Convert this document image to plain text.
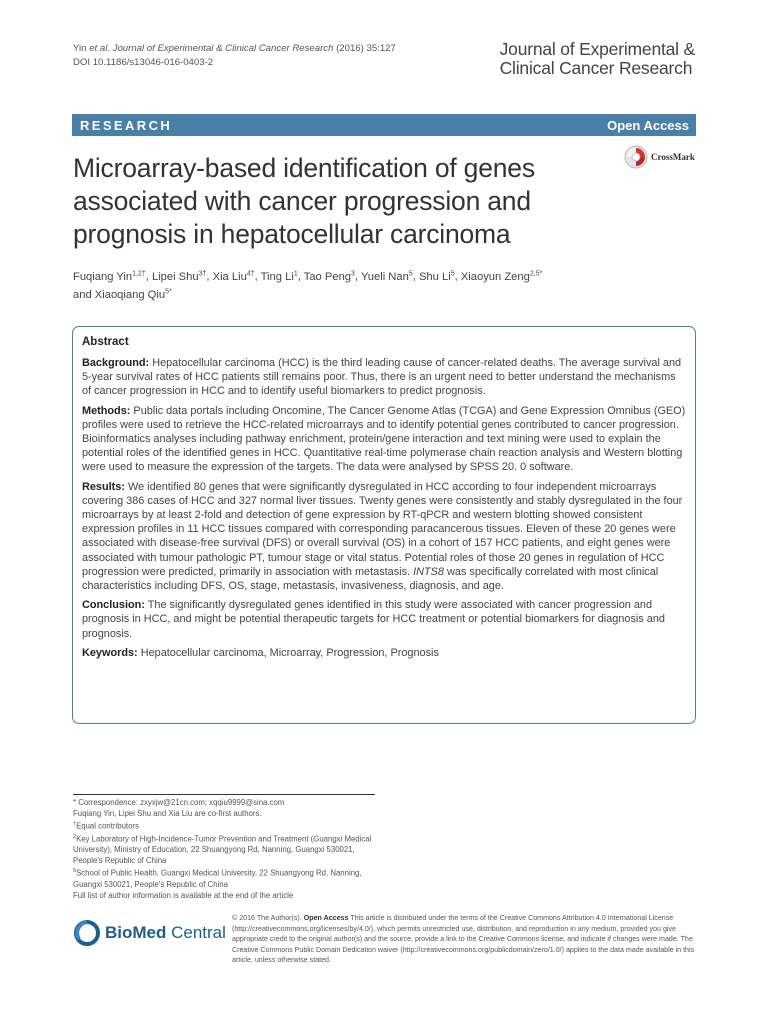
Yin et al. Journal of Experimental & Clinical Cancer Research (2016) 35:127
DOI 10.1186/s13046-016-0403-2
Journal of Experimental &
Clinical Cancer Research
RESEARCH	Open Access
Microarray-based identification of genes associated with cancer progression and prognosis in hepatocellular carcinoma
CrossMark
Fuqiang Yin$^{1,2\dagger}$, Lipei Shu$^{3\dagger}$, Xia Liu$^{4\dagger}$, Ting Li$^1$, Tao Peng$^3$, Yueli Nan$^5$, Shu Li$^5$, Xiaoyun Zeng$^{2,5*}$
and Xiaoqiang Qiu$^{5*}$
Abstract

Background: Hepatocellular carcinoma (HCC) is the third leading cause of cancer-related deaths. The average survival and 5-year survival rates of HCC patients still remains poor. Thus, there is an urgent need to better understand the mechanisms of cancer progression in HCC and to identify useful biomarkers to predict prognosis.

Methods: Public data portals including Oncomine, The Cancer Genome Atlas (TCGA) and Gene Expression Omnibus (GEO) profiles were used to retrieve the HCC-related microarrays and to identify potential genes contributed to cancer progression. Bioinformatics analyses including pathway enrichment, protein/gene interaction and text mining were used to explain the potential roles of the identified genes in HCC. Quantitative real-time polymerase chain reaction analysis and Western blotting were used to measure the expression of the targets. The data were analysed by SPSS 20. 0 software.

Results: We identified 80 genes that were significantly dysregulated in HCC according to four independent microarrays covering 386 cases of HCC and 327 normal liver tissues. Twenty genes were consistently and stably dysregulated in the four microarrays by at least 2-fold and detection of gene expression by RT-qPCR and western blotting showed consistent expression profiles in 11 HCC tissues compared with corresponding paracancerous tissues. Eleven of these 20 genes were associated with disease-free survival (DFS) or overall survival (OS) in a cohort of 157 HCC patients, and eight genes were associated with tumour pathologic PT, tumour stage or vital status. Potential roles of those 20 genes in regulation of HCC progression were predicted, primarily in association with metastasis. INTS8 was specifically correlated with most clinical characteristics including DFS, OS, stage, metastasis, invasiveness, diagnosis, and age.

Conclusion: The significantly dysregulated genes identified in this study were associated with cancer progression and prognosis in HCC, and might be potential therapeutic targets for HCC treatment or potential biomarkers for diagnosis and prognosis.

Keywords: Hepatocellular carcinoma, Microarray, Progression, Prognosis

* Correspondence: zxyxjw@21cn.com; xqqiu9999@sina.com
Fuqiang Yin, Lipei Shu and Xia Liu are co-first authors.
†Equal contributors
$^2$Key Laboratory of High-Incidence-Tumor Prevention and Treatment (Guangxi Medical University), Ministry of Education, 22 Shuangyong Rd, Nanning, Guangxi 530021, People's Republic of China
$^5$School of Public Health, Guangxi Medical University, 22 Shuangyong Rd, Nanning, Guangxi 530021, People's Republic of China
Full list of author information is available at the end of the article
BioMed Central
© 2016 The Author(s). Open Access This article is distributed under the terms of the Creative Commons Attribution 4.0 International License (http://creativecommons.org/licenses/by/4.0/), which permits unrestricted use, distribution, and reproduction in any medium, provided you give appropriate credit to the original author(s) and the source, provide a link to the Creative Commons license, and indicate if changes were made. The Creative Commons Public Domain Dedication waiver (http://creativecommons.org/publicdomain/zero/1.0/) applies to the data made available in this article, unless otherwise stated.
